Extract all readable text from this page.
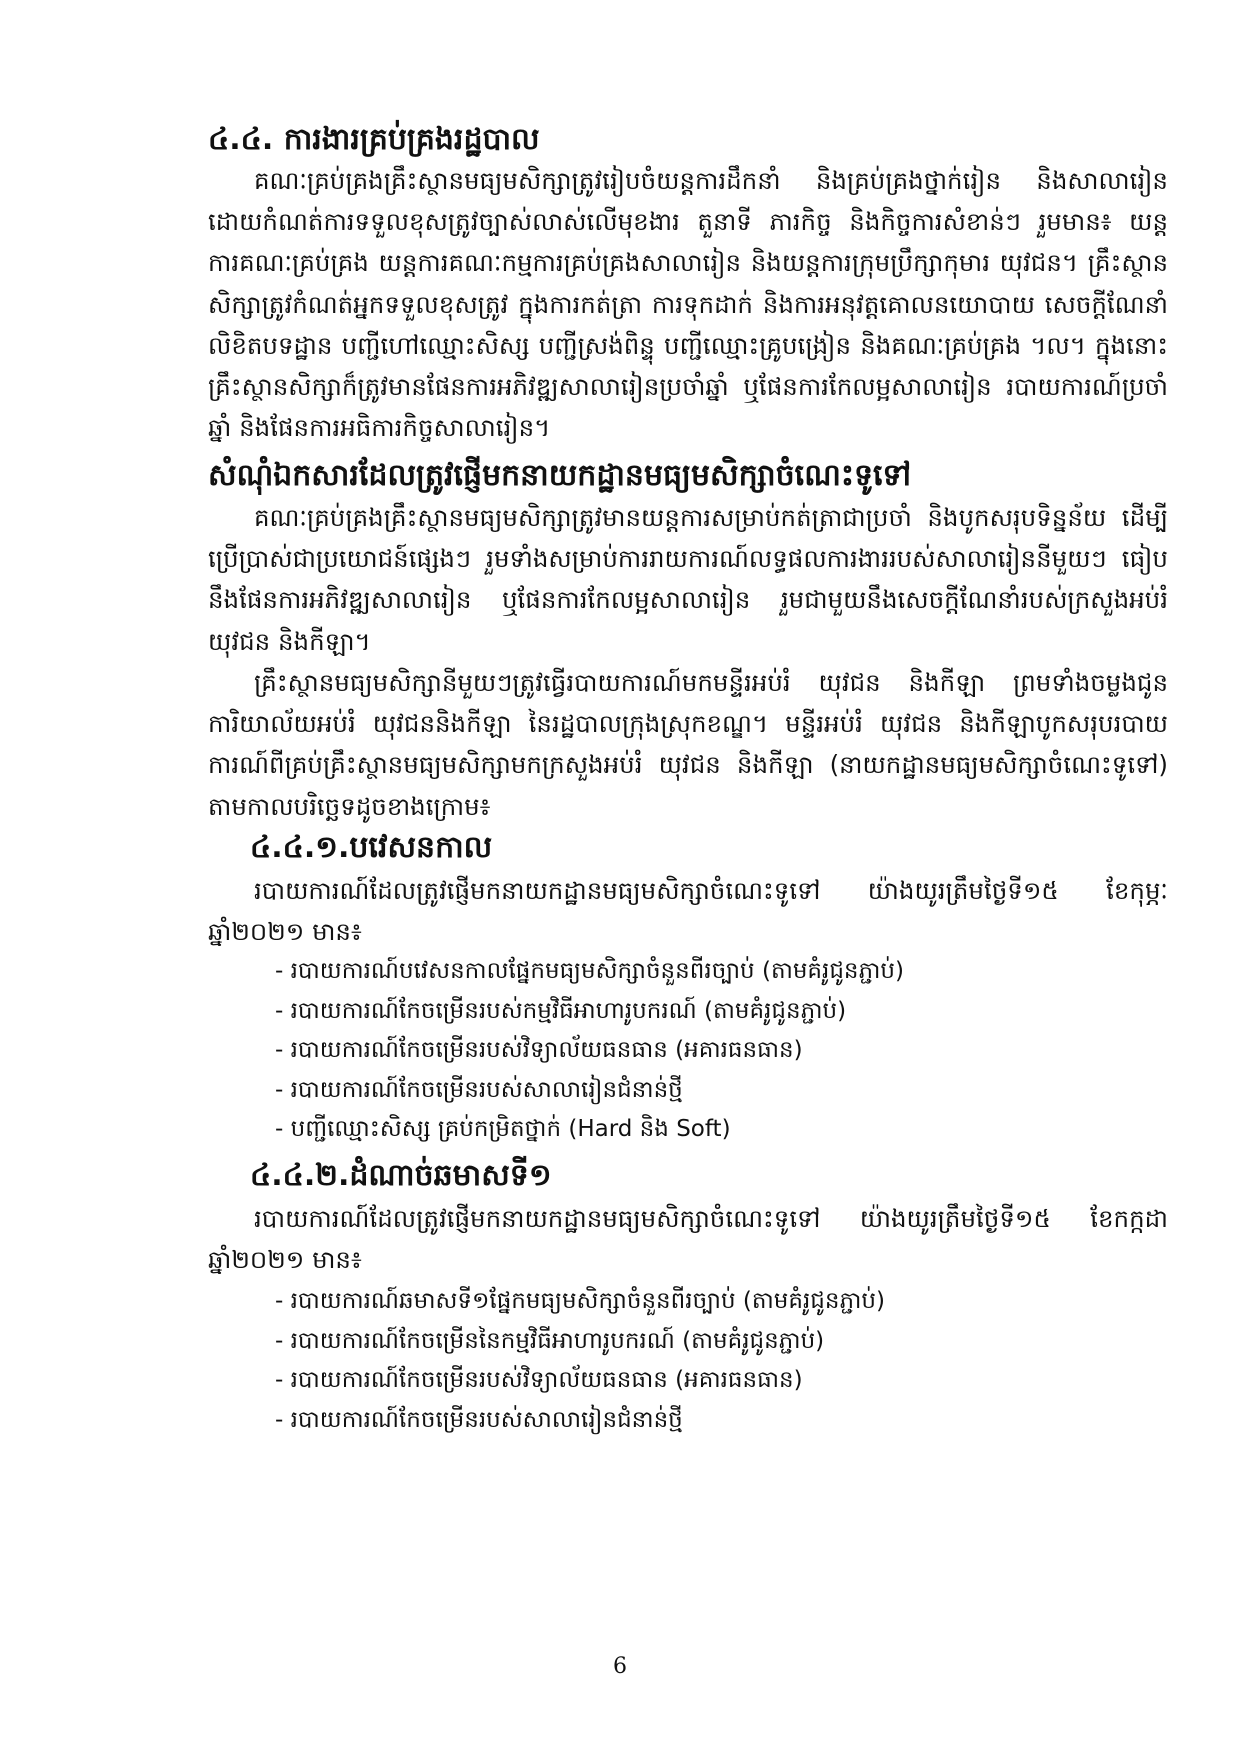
៤.៤. ការងារគ្រប់គ្រងរដ្ឋបាល

គណៈគ្រប់គ្រងគ្រឹះស្ថានមធ្យមសិក្សាត្រូវរៀបចំយន្តការដឹកនាំ និងគ្រប់គ្រងថ្នាក់រៀន និងសាលារៀន ដោយកំណត់ការទទួលខុសត្រូវច្បាស់លាស់លើមុខងារ តួនាទី ភារកិច្ច និងកិច្ចការសំខាន់ៗ រួមមាន៖ យន្តការគណៈគ្រប់គ្រង យន្តការគណៈកម្មការគ្រប់គ្រងសាលារៀន និងយន្តការក្រុមប្រឹក្សាកុមារ យុវជន។ គ្រឹះស្ថានសិក្សាត្រូវកំណត់អ្នកទទួលខុសត្រូវ ក្នុងការកត់ត្រា ការទុកដាក់ និងការអនុវត្តគោលនយោបាយ សេចក្តីណែនាំ លិខិតបទដ្ឋាន បញ្ជីហៅឈ្មោះសិស្ស បញ្ជីស្រង់ពិន្ទុ បញ្ជីឈ្មោះគ្រូបង្រៀន និងគណៈគ្រប់គ្រង ។ល។ ក្នុងនោះ គ្រឹះស្ថានសិក្សាក៏ត្រូវមានផែនការអភិវឌ្ឍសាលារៀនប្រចាំឆ្នាំ ឬផែនការកែលម្អសាលារៀន របាយការណ៍ប្រចាំឆ្នាំ និងផែនការអធិការកិច្ចសាលារៀន។

សំណុំឯកសារដែលត្រូវផ្ញើមកនាយកដ្ឋានមធ្យមសិក្សាចំណេះទូទៅ

គណៈគ្រប់គ្រងគ្រឹះស្ថានមធ្យមសិក្សាត្រូវមានយន្តការសម្រាប់កត់ត្រាជាប្រចាំ និងបូកសរុបទិន្នន័យ ដើម្បីប្រើប្រាស់ជាប្រយោជន៍ផ្សេងៗ រួមទាំងសម្រាប់ការរាយការណ៍លទ្ធផលការងាររបស់សាលារៀននីមួយៗ ធៀបនឹងផែនការអភិវឌ្ឍសាលារៀន ឬផែនការកែលម្អសាលារៀន រួមជាមួយនឹងសេចក្តីណែនាំរបស់ក្រសួងអប់រំ យុវជន និងកីឡា។

គ្រឹះស្ថានមធ្យមសិក្សានីមួយៗត្រូវធ្វើរបាយការណ៍មកមន្ទីរអប់រំ យុវជន និងកីឡា ព្រមទាំងចម្លងជូនការិយាល័យអប់រំ យុវជននិងកីឡា នៃរដ្ឋបាលក្រុងស្រុកខណ្ឌ។ មន្ទីរអប់រំ យុវជន និងកីឡាបូកសរុបរបាយការណ៍ពីគ្រប់គ្រឹះស្ថានមធ្យមសិក្សាមកក្រសួងអប់រំ យុវជន និងកីឡា (នាយកដ្ឋានមធ្យមសិក្សាចំណេះទូទៅ) តាមកាលបរិច្ឆេទដូចខាងក្រោម៖

៤.៤.១.បវេសនកាល

របាយការណ៍ដែលត្រូវផ្ញើមកនាយកដ្ឋានមធ្យមសិក្សាចំណេះទូទៅ យ៉ាងយូរត្រឹមថ្ងៃទី១៥ ខែកុម្ភៈ ឆ្នាំ២០២១ មាន៖

- របាយការណ៍បវេសនកាលផ្នែកមធ្យមសិក្សាចំនួនពីរច្បាប់ (តាមគំរូជូនភ្ជាប់)
- របាយការណ៍កែចម្រើនរបស់កម្មវិធីអាហារូបករណ៍ (តាមគំរូជូនភ្ជាប់)
- របាយការណ៍កែចម្រើនរបស់វិទ្យាល័យធនធាន (អគារធនធាន)
- របាយការណ៍កែចម្រើនរបស់សាលារៀនជំនាន់ថ្មី
- បញ្ជីឈ្មោះសិស្ស គ្រប់កម្រិតថ្នាក់ (Hard និង Soft)
៤.៤.២.ដំណាច់ឆមាសទី១

របាយការណ៍ដែលត្រូវផ្ញើមកនាយកដ្ឋានមធ្យមសិក្សាចំណេះទូទៅ យ៉ាងយូរត្រឹមថ្ងៃទី១៥ ខែកក្កដា ឆ្នាំ២០២១ មាន៖

- របាយការណ៍ឆមាសទី១ផ្នែកមធ្យមសិក្សាចំនួនពីរច្បាប់ (តាមគំរូជូនភ្ជាប់)
- របាយការណ៍កែចម្រើននៃកម្មវិធីអាហារូបករណ៍ (តាមគំរូជូនភ្ជាប់)
- របាយការណ៍កែចម្រើនរបស់វិទ្យាល័យធនធាន (អគារធនធាន)
- របាយការណ៍កែចម្រើនរបស់សាលារៀនជំនាន់ថ្មី
6
